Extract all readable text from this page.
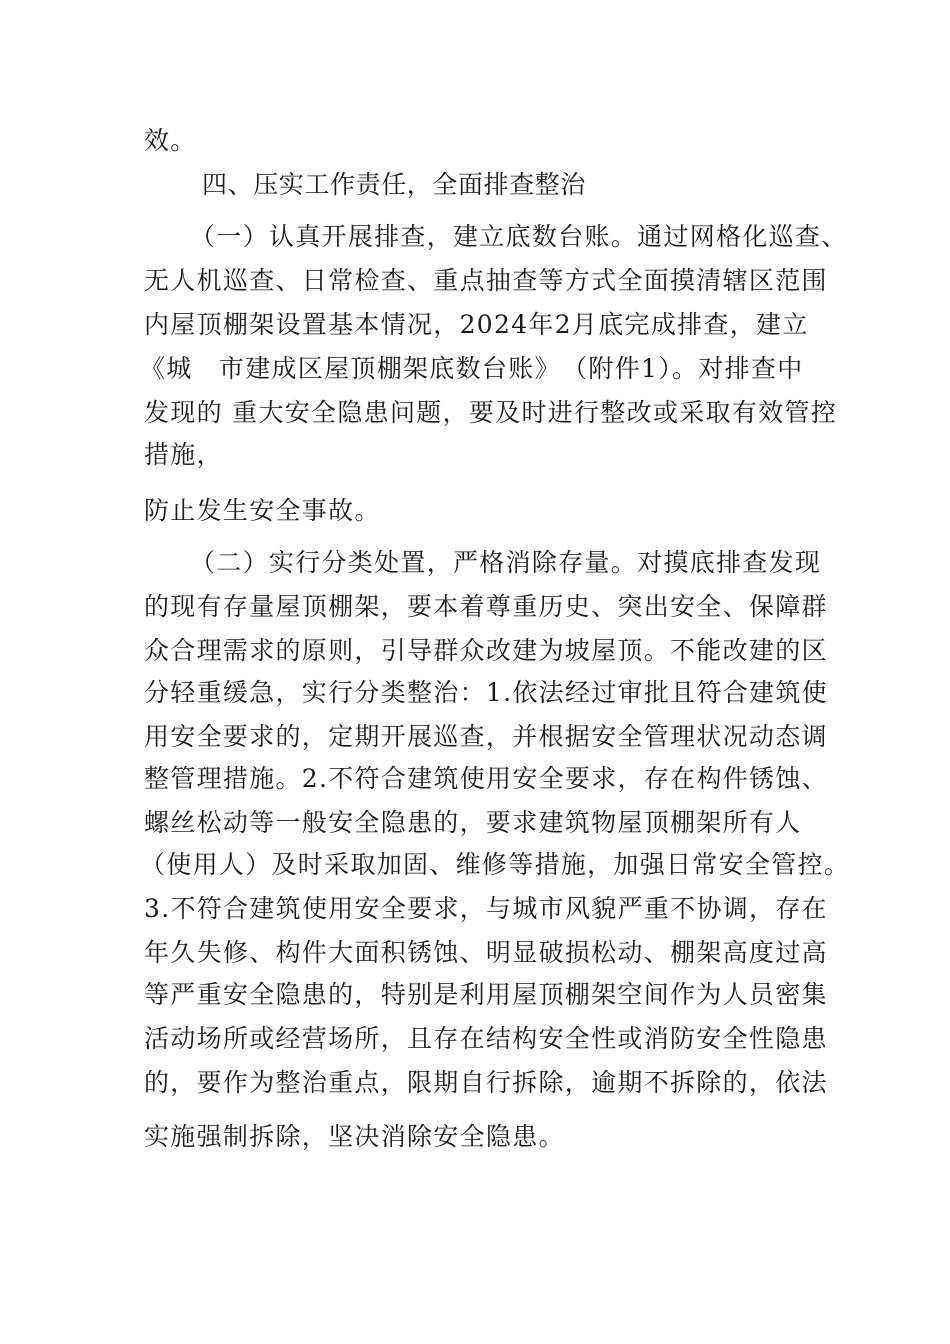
效。

四、压实工作责任，全面排查整治

（一）认真开展排查，建立底数台账。通过网格化巡查、

无人机巡查、日常检查、重点抽查等方式全面摸清辖区范围

内屋顶棚架设置基本情况，2024年2月底完成排查，建立

《城　市建成区屋顶棚架底数台账》　（附件1）。对排查中

发现的 重大安全隐患问题，要及时进行整改或采取有效管控

措施，

防止发生安全事故。

（二）实行分类处置，严格消除存量。对摸底排查发现

的现有存量屋顶棚架，要本着尊重历史、突出安全、保障群

众合理需求的原则，引导群众改建为坡屋顶。不能改建的区

分轻重缓急，实行分类整治：1.依法经过审批且符合建筑使

用安全要求的，定期开展巡查，并根据安全管理状况动态调

整管理措施。2.不符合建筑使用安全要求，存在构件锈蚀、

螺丝松动等一般安全隐患的，要求建筑物屋顶棚架所有人

（使用人）及时采取加固、维修等措施，加强日常安全管控。

3.不符合建筑使用安全要求，与城市风貌严重不协调，存在

年久失修、构件大面积锈蚀、明显破损松动、棚架高度过高

等严重安全隐患的，特别是利用屋顶棚架空间作为人员密集

活动场所或经营场所，且存在结构安全性或消防安全性隐患

的，要作为整治重点，限期自行拆除，逾期不拆除的，依法

实施强制拆除，坚决消除安全隐患。
